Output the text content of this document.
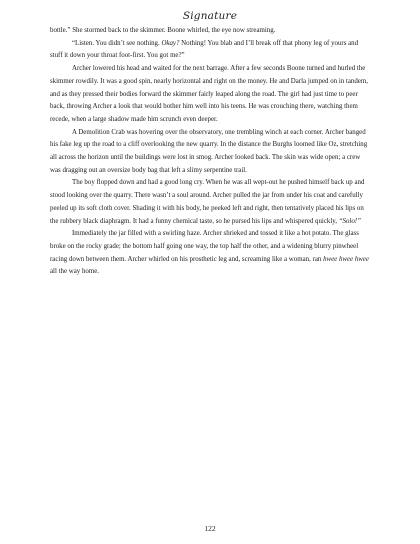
Signature

bottle.” She stormed back to the skimmer. Boone whirled, the eye now streaming.

“Listen. You didn’t see nothing. Okay? Nothing! You blab and I’ll break off that phony leg of yours and stuff it down your throat foot-first. You got me?”

Archer lowered his head and waited for the next barrage. After a few seconds Boone turned and hurled the skimmer rowdily. It was a good spin, nearly horizontal and right on the money. He and Darla jumped on in tandem, and as they pressed their bodies forward the skimmer fairly leaped along the road. The girl had just time to peer back, throwing Archer a look that would bother him well into his teens. He was crouching there, watching them recede, when a large shadow made him scrunch even deeper.

A Demolition Crab was hovering over the observatory, one trembling winch at each corner. Archer banged his fake leg up the road to a cliff overlooking the new quarry. In the distance the Burghs loomed like Oz, stretching all across the horizon until the buildings were lost in smog. Archer looked back. The skin was wide open; a crew was dragging out an oversize body bag that left a slimy serpentine trail.

The boy flopped down and had a good long cry. When he was all wept-out he pushed himself back up and stood looking over the quarry. There wasn’t a soul around. Archer pulled the jar from under his coat and carefully peeled up its soft cloth cover. Shading it with his body, he peeked left and right, then tentatively placed his lips on the rubbery black diaphragm. It had a funny chemical taste, so he pursed his lips and whispered quickly, “Solo!”

Immediately the jar filled with a swirling haze. Archer shrieked and tossed it like a hot potato. The glass broke on the rocky grade; the bottom half going one way, the top half the other, and a widening blurry pinwheel racing down between them. Archer whirled on his prosthetic leg and, screaming like a woman, ran hwee hwee hwee all the way home.

122
